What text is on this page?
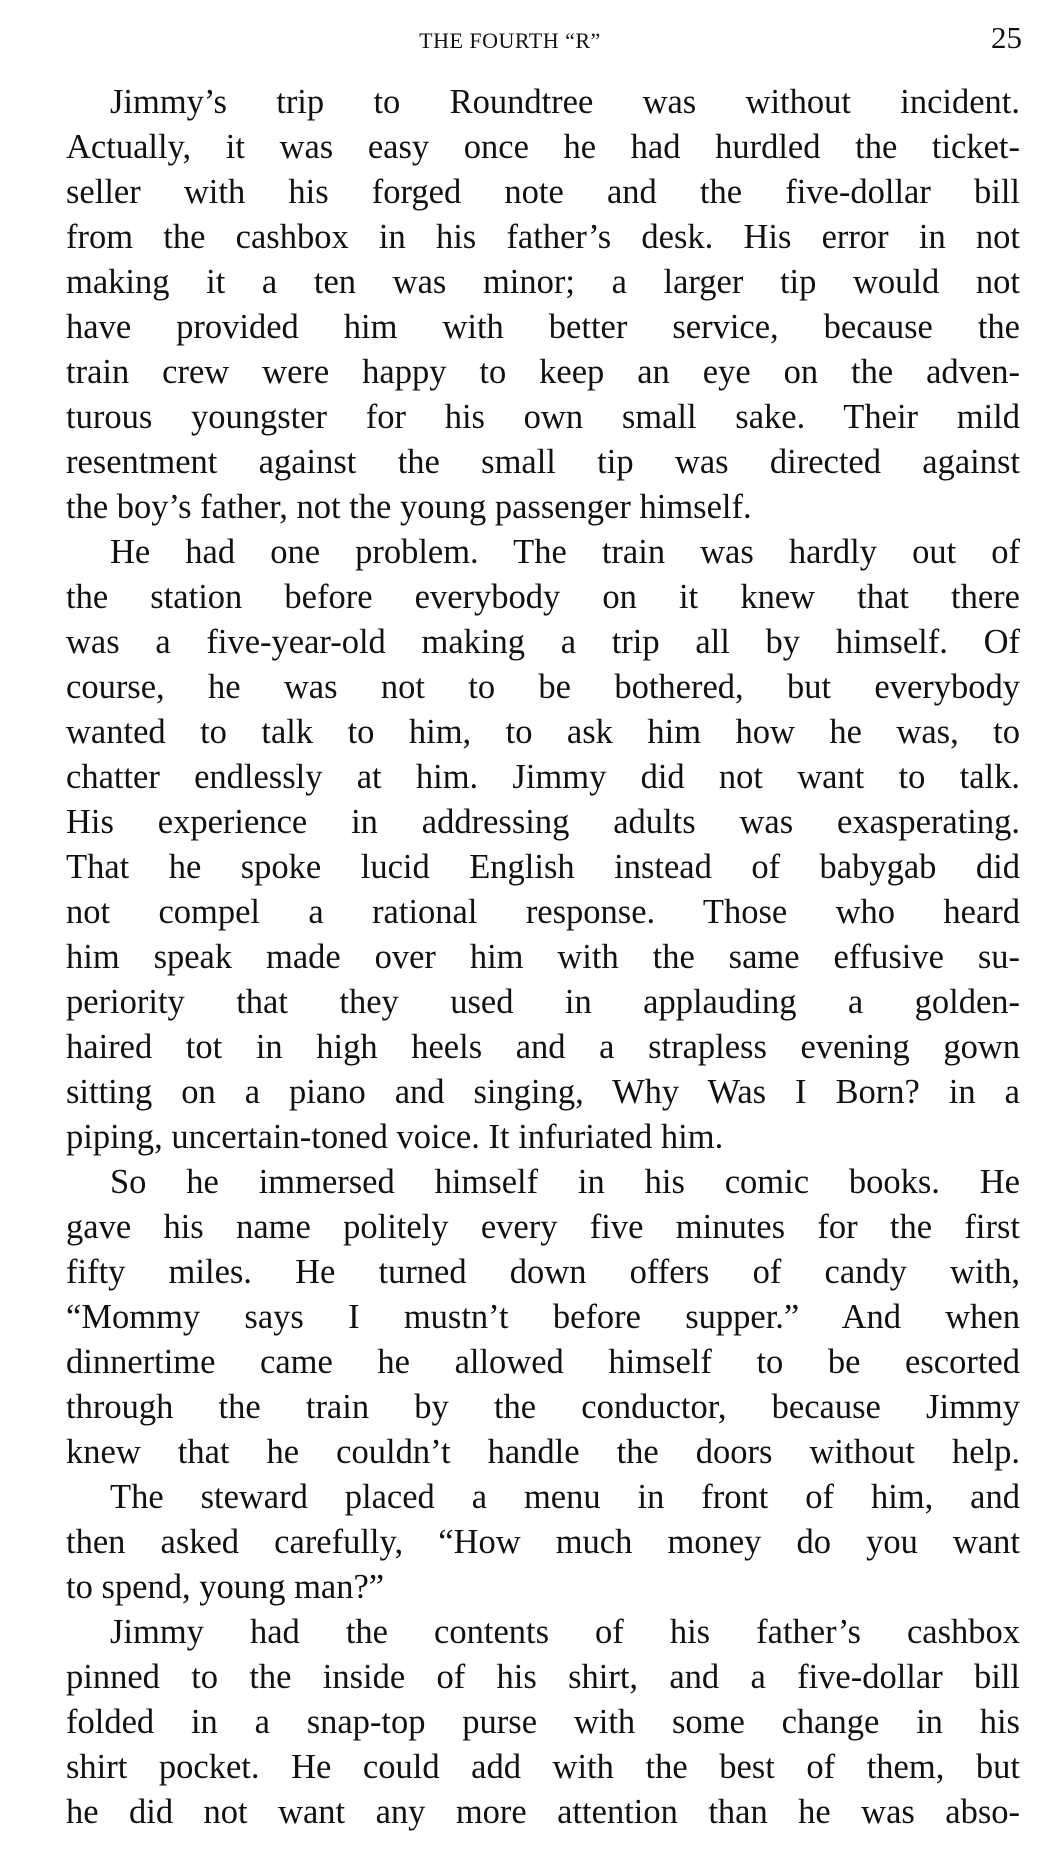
THE FOURTH “R”	25
Jimmy’s trip to Roundtree was without incident.
Actually, it was easy once he had hurdled the ticket-
seller with his forged note and the five-dollar bill
from the cashbox in his father’s desk. His error in not
making it a ten was minor; a larger tip would not
have provided him with better service, because the
train crew were happy to keep an eye on the adven-
turous youngster for his own small sake. Their mild
resentment against the small tip was directed against
the boy’s father, not the young passenger himself.
He had one problem. The train was hardly out of
the station before everybody on it knew that there
was a five-year-old making a trip all by himself. Of
course, he was not to be bothered, but everybody
wanted to talk to him, to ask him how he was, to
chatter endlessly at him. Jimmy did not want to talk.
His experience in addressing adults was exasperating.
That he spoke lucid English instead of babygab did
not compel a rational response. Those who heard
him speak made over him with the same effusive su-
periority that they used in applauding a golden-
haired tot in high heels and a strapless evening gown
sitting on a piano and singing, Why Was I Born? in a
piping, uncertain-toned voice. It infuriated him.
So he immersed himself in his comic books. He
gave his name politely every five minutes for the first
fifty miles. He turned down offers of candy with,
“Mommy says I mustn’t before supper.” And when
dinnertime came he allowed himself to be escorted
through the train by the conductor, because Jimmy
knew that he couldn’t handle the doors without help.
The steward placed a menu in front of him, and
then asked carefully, “How much money do you want
to spend, young man?”
Jimmy had the contents of his father’s cashbox
pinned to the inside of his shirt, and a five-dollar bill
folded in a snap-top purse with some change in his
shirt pocket. He could add with the best of them, but
he did not want any more attention than he was abso-
